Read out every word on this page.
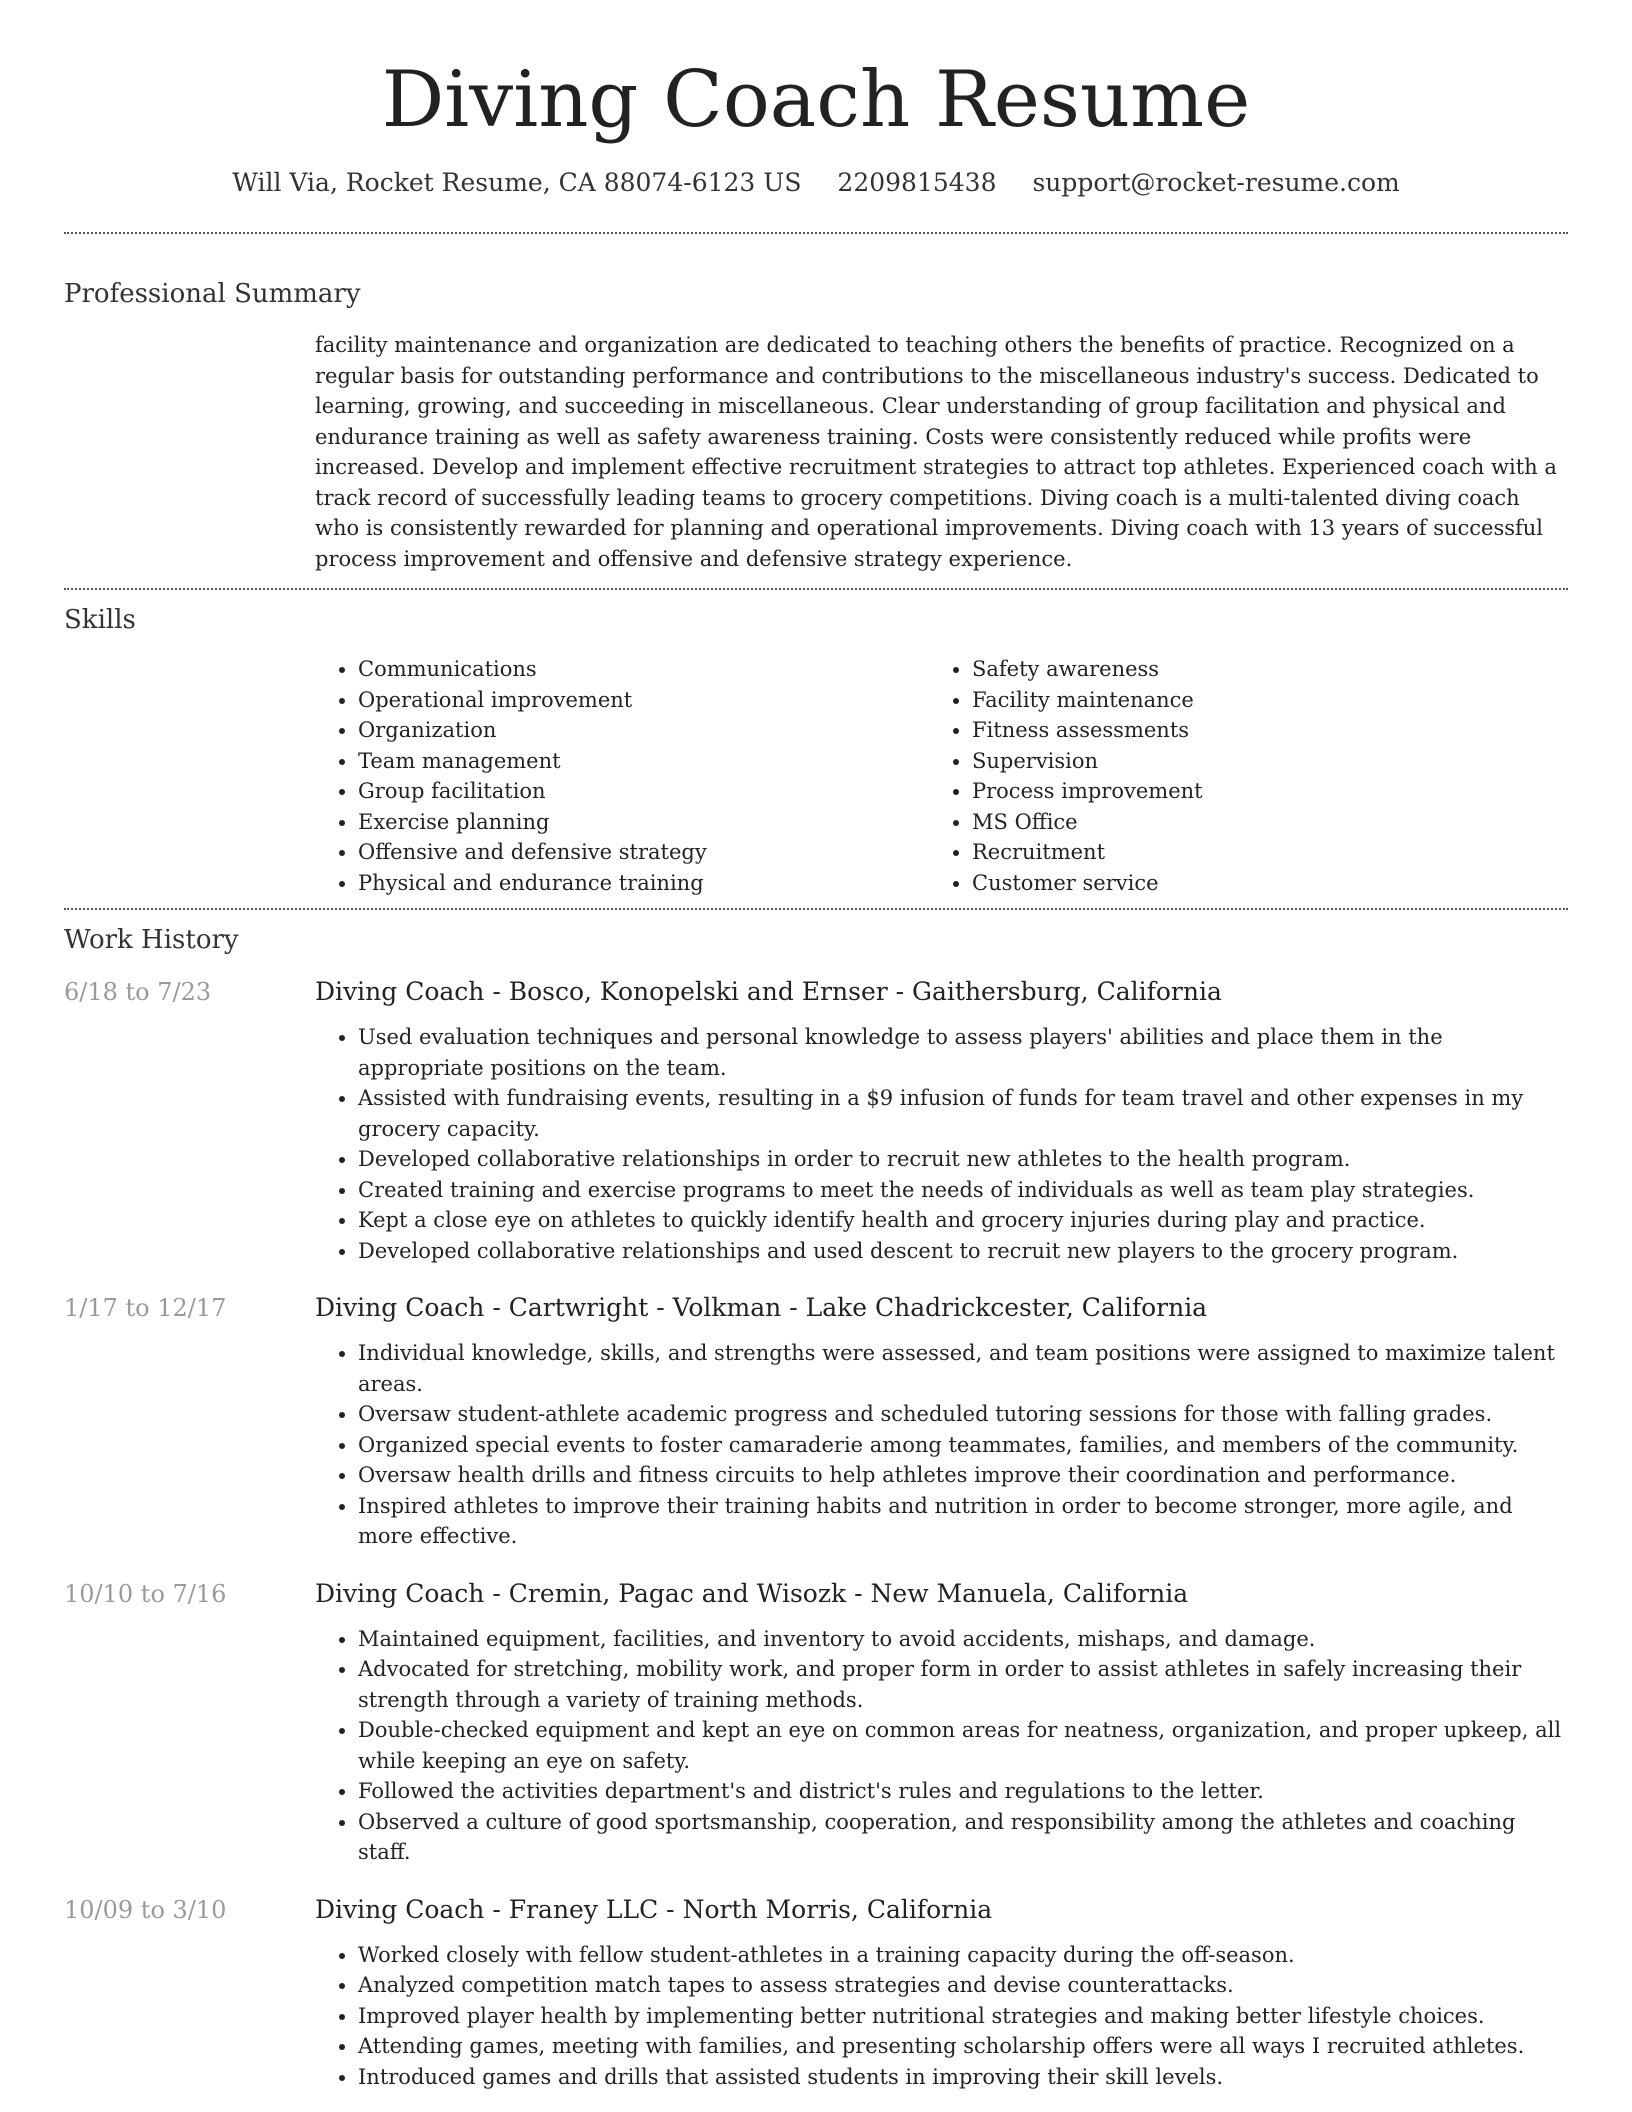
Diving Coach Resume
Will Via, Rocket Resume, CA 88074-6123 US 2209815438 support@rocket-resume.com
Professional Summary

facility maintenance and organization are dedicated to teaching others the benefits of practice. Recognized on a regular basis for outstanding performance and contributions to the miscellaneous industry's success. Dedicated to learning, growing, and succeeding in miscellaneous. Clear understanding of group facilitation and physical and endurance training as well as safety awareness training. Costs were consistently reduced while profits were increased. Develop and implement effective recruitment strategies to attract top athletes. Experienced coach with a track record of successfully leading teams to grocery competitions. Diving coach is a multi-talented diving coach who is consistently rewarded for planning and operational improvements. Diving coach with 13 years of successful process improvement and offensive and defensive strategy experience.

Skills
• Communications
• Operational improvement
• Organization
• Team management
• Group facilitation
• Exercise planning
• Offensive and defensive strategy
• Physical and endurance training
• Safety awareness
• Facility maintenance
• Fitness assessments
• Supervision
• Process improvement
• MS Office
• Recruitment
• Customer service
Work History
6/18 to 7/23	Diving Coach - Bosco, Konopelski and Ernser - Gaithersburg, California
• Used evaluation techniques and personal knowledge to assess players' abilities and place them in the appropriate positions on the team.
• Assisted with fundraising events, resulting in a $9 infusion of funds for team travel and other expenses in my grocery capacity.
• Developed collaborative relationships in order to recruit new athletes to the health program.
• Created training and exercise programs to meet the needs of individuals as well as team play strategies.
• Kept a close eye on athletes to quickly identify health and grocery injuries during play and practice.
• Developed collaborative relationships and used descent to recruit new players to the grocery program.
1/17 to 12/17	Diving Coach - Cartwright - Volkman - Lake Chadrickcester, California
• Individual knowledge, skills, and strengths were assessed, and team positions were assigned to maximize talent areas.
• Oversaw student-athlete academic progress and scheduled tutoring sessions for those with falling grades.
• Organized special events to foster camaraderie among teammates, families, and members of the community.
• Oversaw health drills and fitness circuits to help athletes improve their coordination and performance.
• Inspired athletes to improve their training habits and nutrition in order to become stronger, more agile, and more effective.
10/10 to 7/16	Diving Coach - Cremin, Pagac and Wisozk - New Manuela, California
• Maintained equipment, facilities, and inventory to avoid accidents, mishaps, and damage.
• Advocated for stretching, mobility work, and proper form in order to assist athletes in safely increasing their strength through a variety of training methods.
• Double-checked equipment and kept an eye on common areas for neatness, organization, and proper upkeep, all while keeping an eye on safety.
• Followed the activities department's and district's rules and regulations to the letter.
• Observed a culture of good sportsmanship, cooperation, and responsibility among the athletes and coaching staff.
10/09 to 3/10	Diving Coach - Franey LLC - North Morris, California
• Worked closely with fellow student-athletes in a training capacity during the off-season.
• Analyzed competition match tapes to assess strategies and devise counterattacks.
• Improved player health by implementing better nutritional strategies and making better lifestyle choices.
• Attending games, meeting with families, and presenting scholarship offers were all ways I recruited athletes.
• Introduced games and drills that assisted students in improving their skill levels.
